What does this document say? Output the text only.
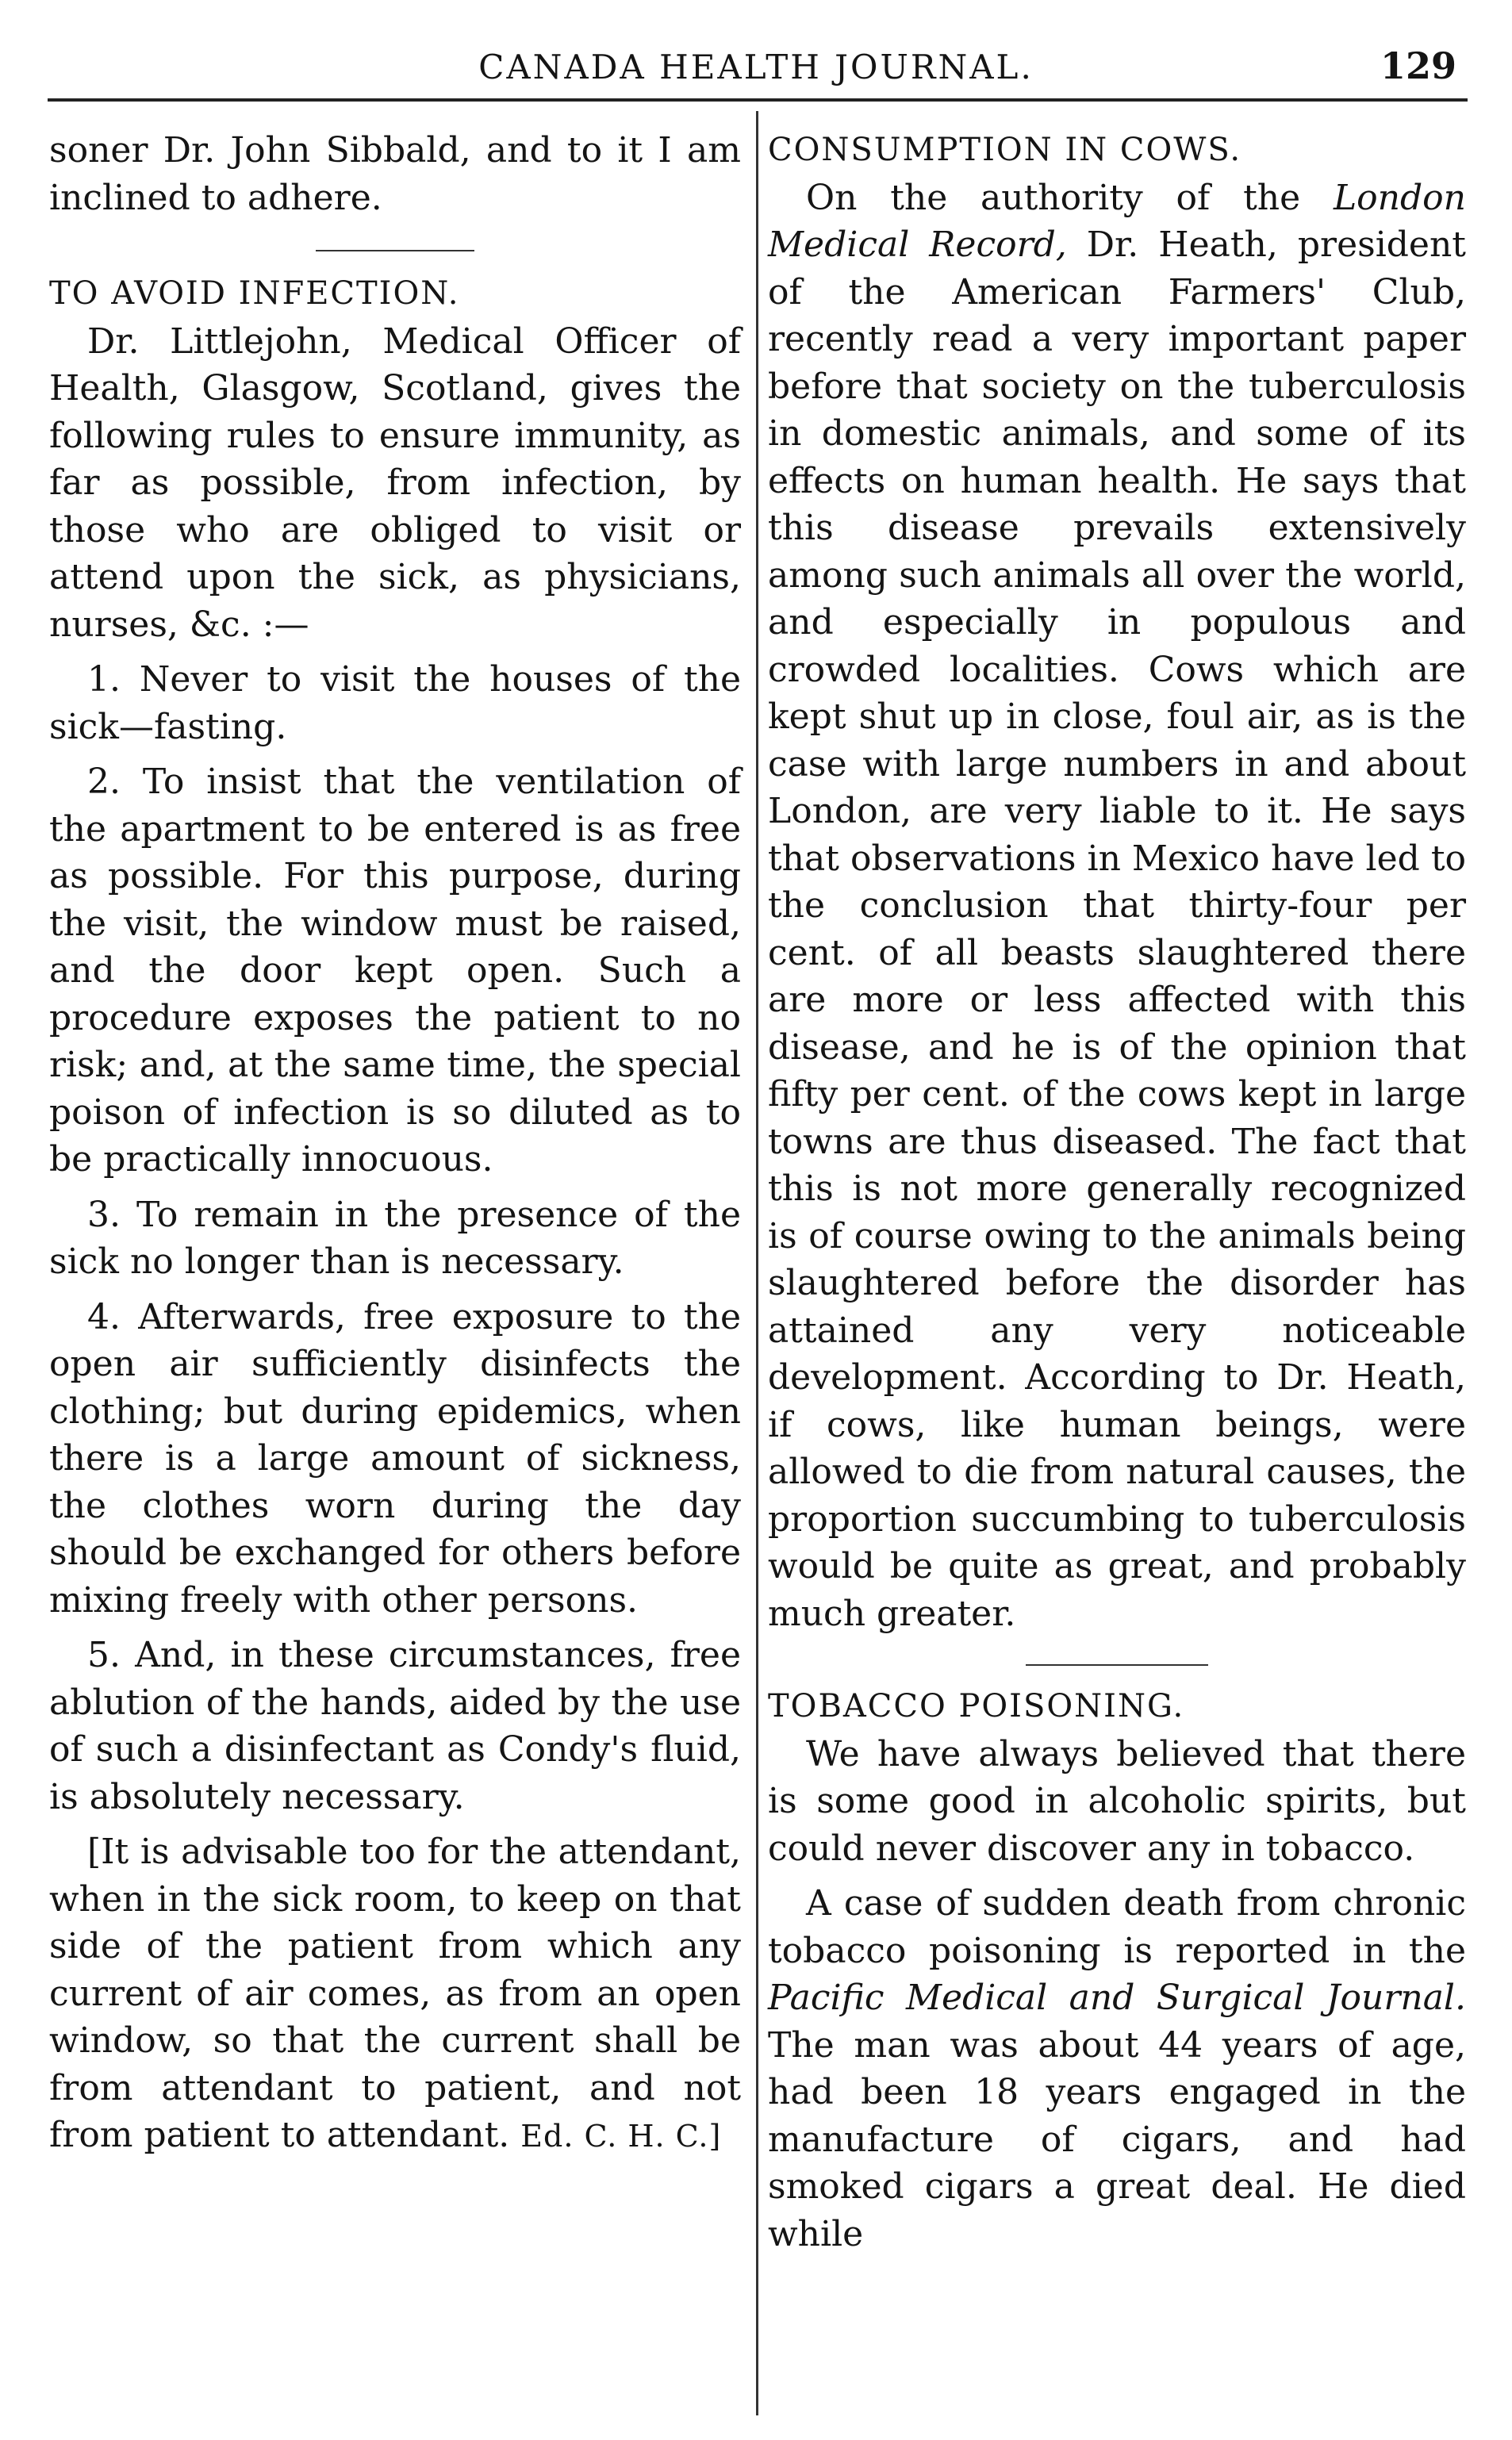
CANADA HEALTH JOURNAL.	129

soner Dr. John Sibbald, and to it I am inclined to adhere.

TO AVOID INFECTION.

Dr. Littlejohn, Medical Officer of Health, Glasgow, Scotland, gives the following rules to ensure immunity, as far as possible, from infection, by those who are obliged to visit or attend upon the sick, as physicians, nurses, &c. :—

1. Never to visit the houses of the sick—fasting.

2. To insist that the ventilation of the apartment to be entered is as free as possible. For this purpose, during the visit, the window must be raised, and the door kept open. Such a procedure exposes the patient to no risk; and, at the same time, the special poison of infection is so diluted as to be practically innocuous.

3. To remain in the presence of the sick no longer than is necessary.

4. Afterwards, free exposure to the open air sufficiently disinfects the clothing; but during epidemics, when there is a large amount of sickness, the clothes worn during the day should be exchanged for others before mixing freely with other persons.

5. And, in these circumstances, free ablution of the hands, aided by the use of such a disinfectant as Condy's fluid, is absolutely necessary.

[It is advisable too for the attendant, when in the sick room, to keep on that side of the patient from which any current of air comes, as from an open window, so that the current shall be from attendant to patient, and not from patient to attendant. Ed. C. H. C.]

CONSUMPTION IN COWS.

On the authority of the London Medical Record, Dr. Heath, president of the American Farmers' Club, recently read a very important paper before that society on the tuberculosis in domestic animals, and some of its effects on human health. He says that this disease prevails extensively among such animals all over the world, and especially in populous and crowded localities. Cows which are kept shut up in close, foul air, as is the case with large numbers in and about London, are very liable to it. He says that observations in Mexico have led to the conclusion that thirty-four per cent. of all beasts slaughtered there are more or less affected with this disease, and he is of the opinion that fifty per cent. of the cows kept in large towns are thus diseased. The fact that this is not more generally recognized is of course owing to the animals being slaughtered before the disorder has attained any very noticeable development. According to Dr. Heath, if cows, like human beings, were allowed to die from natural causes, the proportion succumbing to tuberculosis would be quite as great, and probably much greater.

TOBACCO POISONING.

We have always believed that there is some good in alcoholic spirits, but could never discover any in tobacco.

A case of sudden death from chronic tobacco poisoning is reported in the Pacific Medical and Surgical Journal. The man was about 44 years of age, had been 18 years engaged in the manufacture of cigars, and had smoked cigars a great deal. He died while
